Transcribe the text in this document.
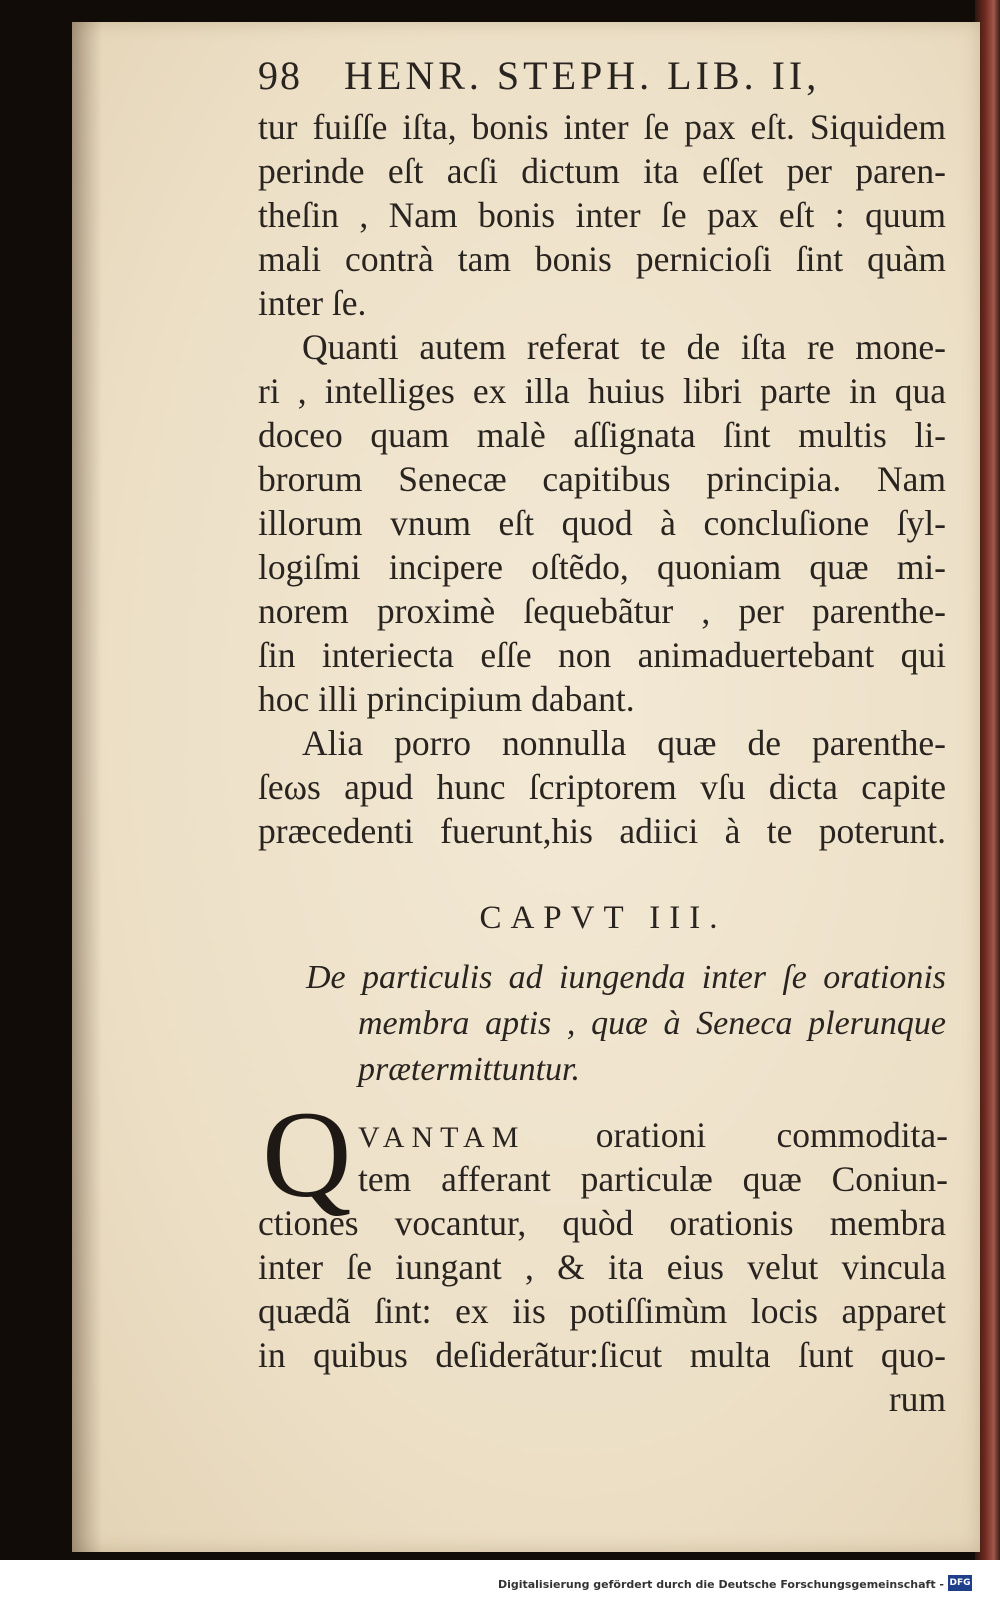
98 HENR. STEPH. LIB. II,
tur fuiſſe iſta, bonis inter ſe pax eſt. Siquidem
perinde eſt acſi dictum ita eſſet per paren-
theſin , Nam bonis inter ſe pax eſt : quum
mali contrà tam bonis pernicioſi ſint quàm
inter ſe.
Quanti autem referat te de iſta re mone-
ri , intelliges ex illa huius libri parte in qua
doceo quam malè aſſignata ſint multis li-
brorum Senecæ capitibus principia. Nam
illorum vnum eſt quod à concluſione ſyl-
logiſmi incipere oſtẽdo, quoniam quæ mi-
norem proximè ſequebãtur , per parenthe-
ſin interiecta eſſe non animaduertebant qui
hoc illi principium dabant.
Alia porro nonnulla quæ de parenthe-
ſeωs apud hunc ſcriptorem vſu dicta capite
præcedenti fuerunt,his adiici à te poterunt.
CAPVT III.
De particulis ad iungenda inter ſe orationis
membra aptis , quæ à Seneca plerunque
prætermittuntur.
Q VANTAM orationi commodita-
tem afferant particulæ quæ Coniun-
ctiones vocantur, quòd orationis membra
inter ſe iungant , & ita eius velut vincula
quædã ſint: ex iis potiſſimùm locis apparet
in quibus deſiderãtur:ſicut multa ſunt quo-
rum
Digitalisierung gefördert durch die Deutsche Forschungsgemeinschaft - DFG
